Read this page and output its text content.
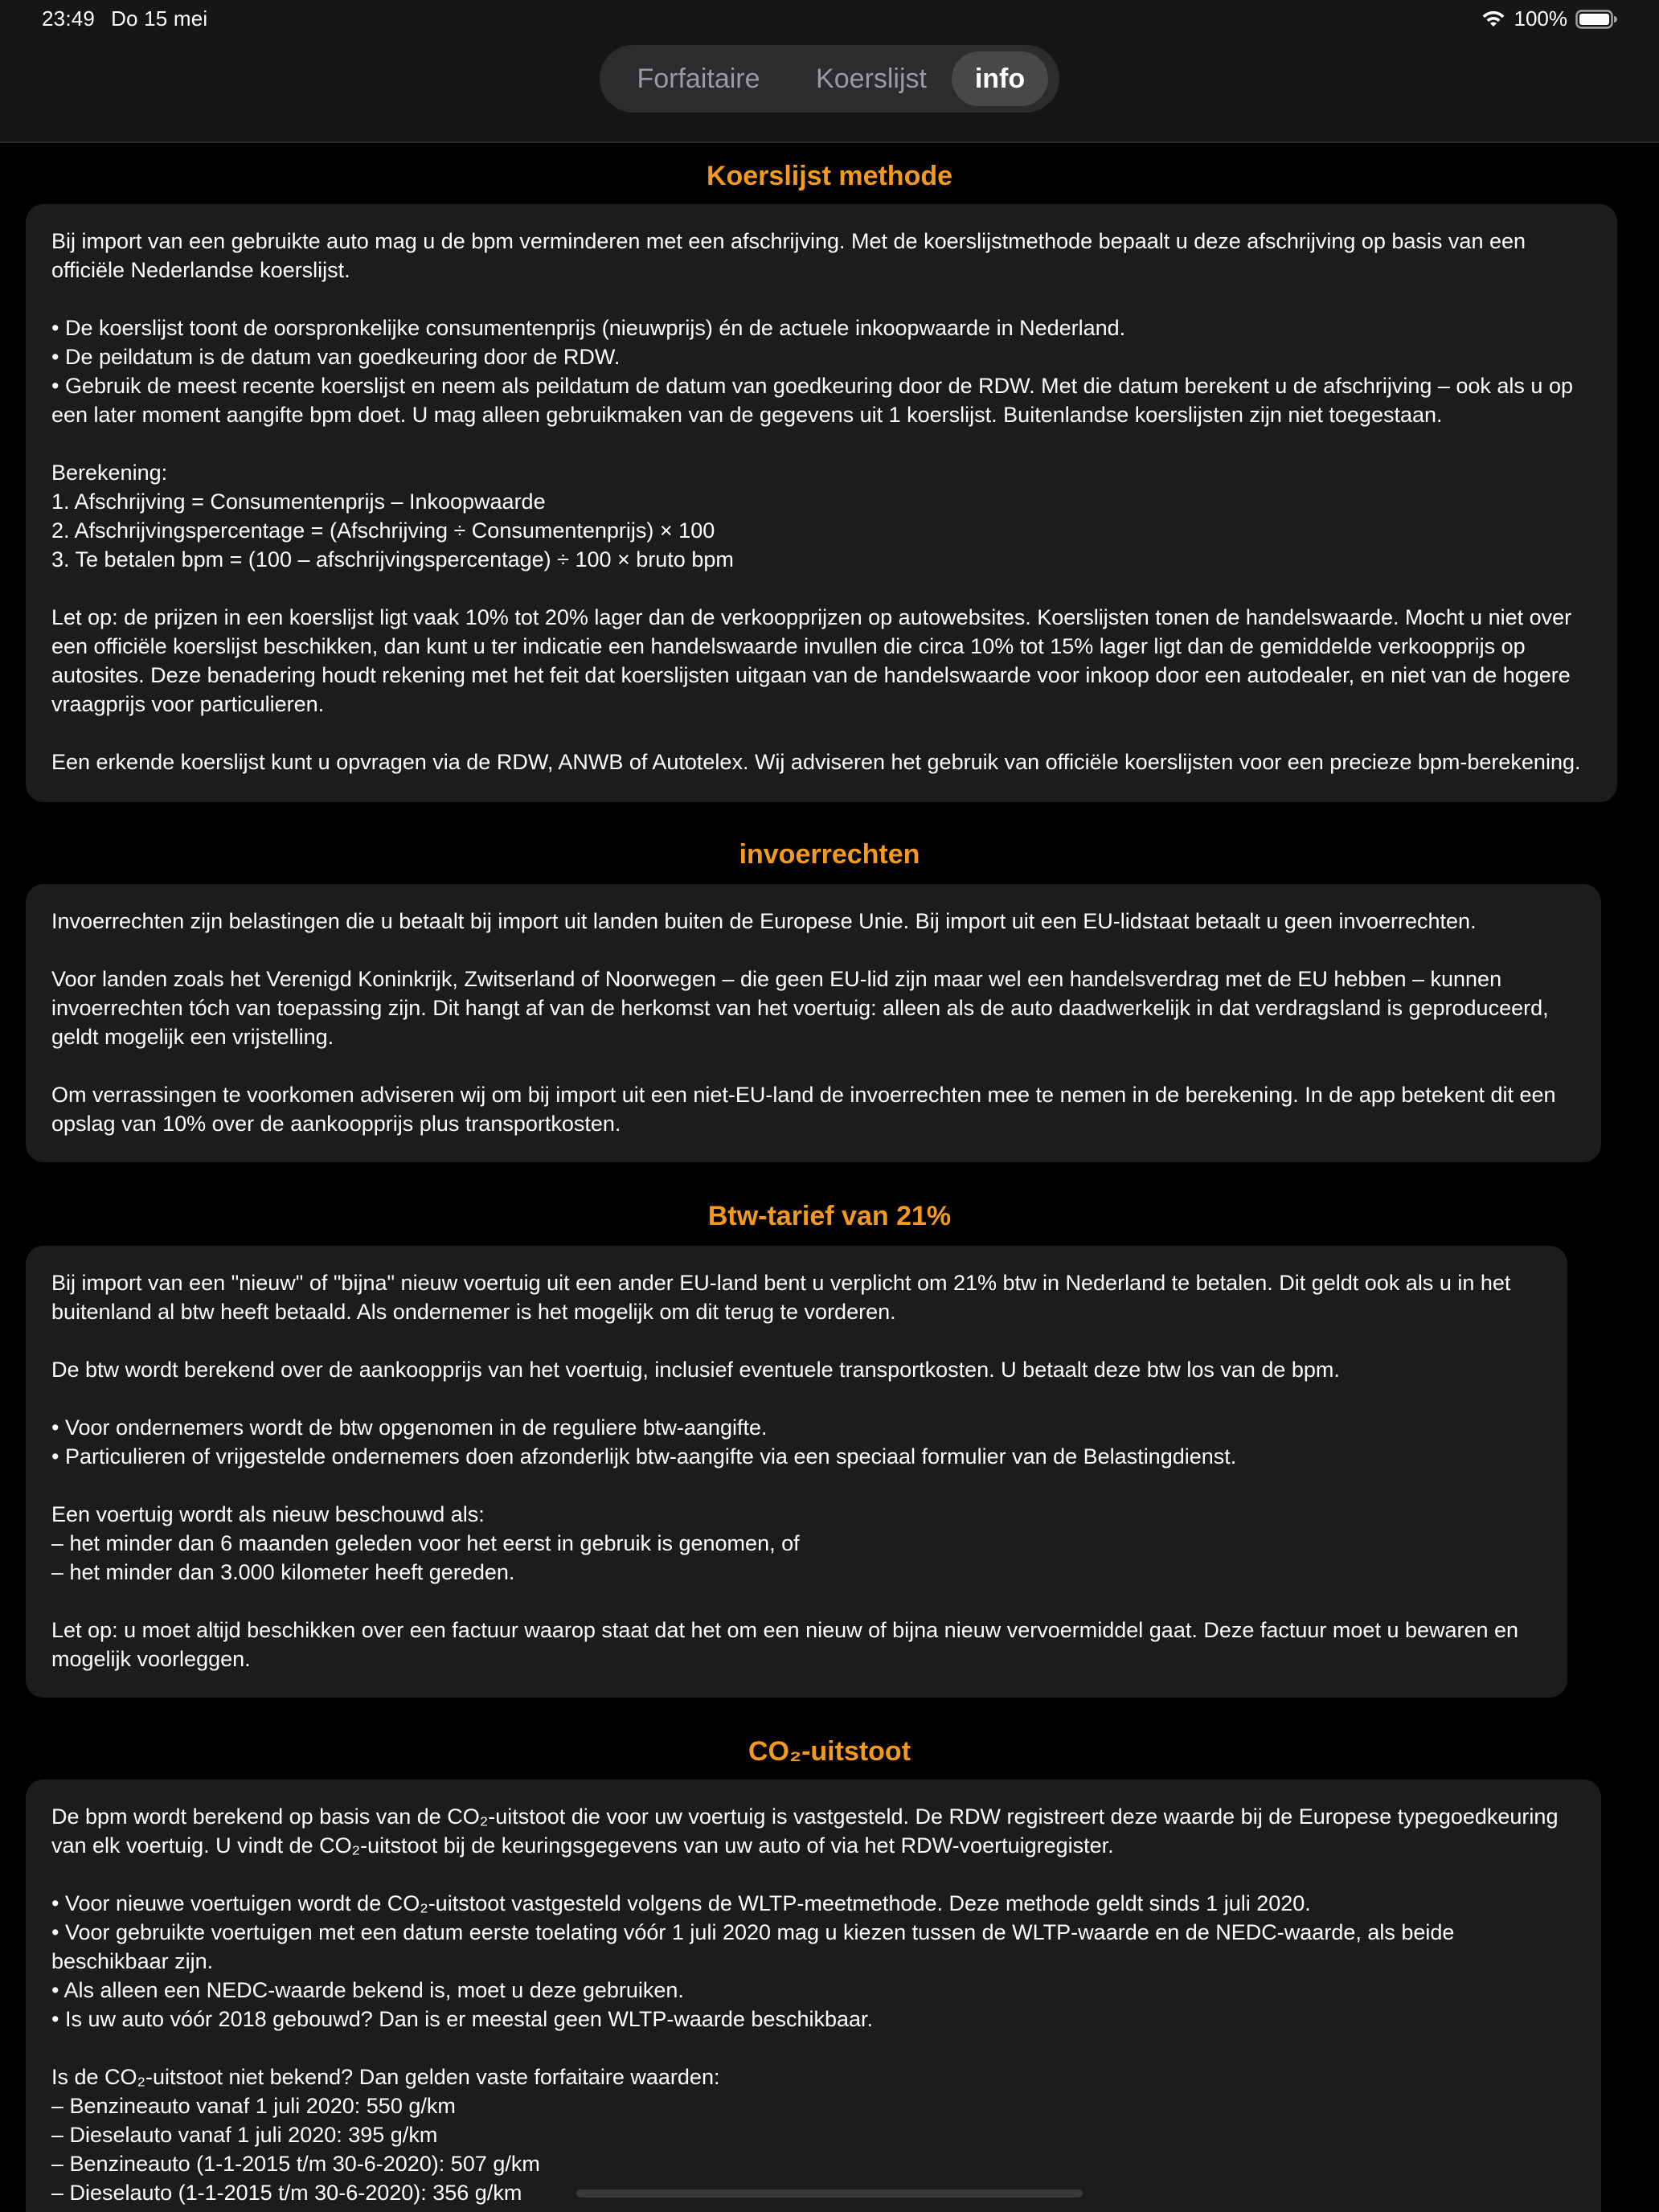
23:49 Do 15 mei	100%
Forfaitaire	Koerslijst	info
Koerslijst methode
Bij import van een gebruikte auto mag u de bpm verminderen met een afschrijving. Met de koerslijstmethode bepaalt u deze afschrijving op basis van een officiële Nederlandse koerslijst.

• De koerslijst toont de oorspronkelijke consumentenprijs (nieuwprijs) én de actuele inkoopwaarde in Nederland.
• De peildatum is de datum van goedkeuring door de RDW.
• Gebruik de meest recente koerslijst en neem als peildatum de datum van goedkeuring door de RDW. Met die datum berekent u de afschrijving – ook als u op een later moment aangifte bpm doet. U mag alleen gebruikmaken van de gegevens uit 1 koerslijst. Buitenlandse koerslijsten zijn niet toegestaan.

Berekening:
1. Afschrijving = Consumentenprijs – Inkoopwaarde
2. Afschrijvingspercentage = (Afschrijving ÷ Consumentenprijs) × 100
3. Te betalen bpm = (100 – afschrijvingspercentage) ÷ 100 × bruto bpm

Let op: de prijzen in een koerslijst ligt vaak 10% tot 20% lager dan de verkoopprijzen op autowebsites. Koerslijsten tonen de handelswaarde. Mocht u niet over een officiële koerslijst beschikken, dan kunt u ter indicatie een handelswaarde invullen die circa 10% tot 15% lager ligt dan de gemiddelde verkoopprijs op autosites. Deze benadering houdt rekening met het feit dat koerslijsten uitgaan van de handelswaarde voor inkoop door een autodealer, en niet van de hogere vraagprijs voor particulieren.

Een erkende koerslijst kunt u opvragen via de RDW, ANWB of Autotelex. Wij adviseren het gebruik van officiële koerslijsten voor een precieze bpm-berekening.
invoerrechten
Invoerrechten zijn belastingen die u betaalt bij import uit landen buiten de Europese Unie. Bij import uit een EU-lidstaat betaalt u geen invoerrechten.

Voor landen zoals het Verenigd Koninkrijk, Zwitserland of Noorwegen – die geen EU-lid zijn maar wel een handelsverdrag met de EU hebben – kunnen invoerrechten tóch van toepassing zijn. Dit hangt af van de herkomst van het voertuig: alleen als de auto daadwerkelijk in dat verdragsland is geproduceerd, geldt mogelijk een vrijstelling.

Om verrassingen te voorkomen adviseren wij om bij import uit een niet-EU-land de invoerrechten mee te nemen in de berekening. In de app betekent dit een opslag van 10% over de aankoopprijs plus transportkosten.
Btw-tarief van 21%
Bij import van een "nieuw" of "bijna" nieuw voertuig uit een ander EU-land bent u verplicht om 21% btw in Nederland te betalen. Dit geldt ook als u in het buitenland al btw heeft betaald. Als ondernemer is het mogelijk om dit terug te vorderen.

De btw wordt berekend over de aankoopprijs van het voertuig, inclusief eventuele transportkosten. U betaalt deze btw los van de bpm.

• Voor ondernemers wordt de btw opgenomen in de reguliere btw-aangifte.
• Particulieren of vrijgestelde ondernemers doen afzonderlijk btw-aangifte via een speciaal formulier van de Belastingdienst.

Een voertuig wordt als nieuw beschouwd als:
– het minder dan 6 maanden geleden voor het eerst in gebruik is genomen, of
– het minder dan 3.000 kilometer heeft gereden.

Let op: u moet altijd beschikken over een factuur waarop staat dat het om een nieuw of bijna nieuw vervoermiddel gaat. Deze factuur moet u bewaren en mogelijk voorleggen.
CO₂-uitstoot
De bpm wordt berekend op basis van de CO₂-uitstoot die voor uw voertuig is vastgesteld. De RDW registreert deze waarde bij de Europese typegoedkeuring van elk voertuig. U vindt de CO₂-uitstoot bij de keuringsgegevens van uw auto of via het RDW-voertuigregister.

• Voor nieuwe voertuigen wordt de CO₂-uitstoot vastgesteld volgens de WLTP-meetmethode. Deze methode geldt sinds 1 juli 2020.
• Voor gebruikte voertuigen met een datum eerste toelating vóór 1 juli 2020 mag u kiezen tussen de WLTP-waarde en de NEDC-waarde, als beide beschikbaar zijn.
• Als alleen een NEDC-waarde bekend is, moet u deze gebruiken.
• Is uw auto vóór 2018 gebouwd? Dan is er meestal geen WLTP-waarde beschikbaar.

Is de CO₂-uitstoot niet bekend? Dan gelden vaste forfaitaire waarden:
– Benzineauto vanaf 1 juli 2020: 550 g/km
– Dieselauto vanaf 1 juli 2020: 395 g/km
– Benzineauto (1-1-2015 t/m 30-6-2020): 507 g/km
– Dieselauto (1-1-2015 t/m 30-6-2020): 356 g/km
